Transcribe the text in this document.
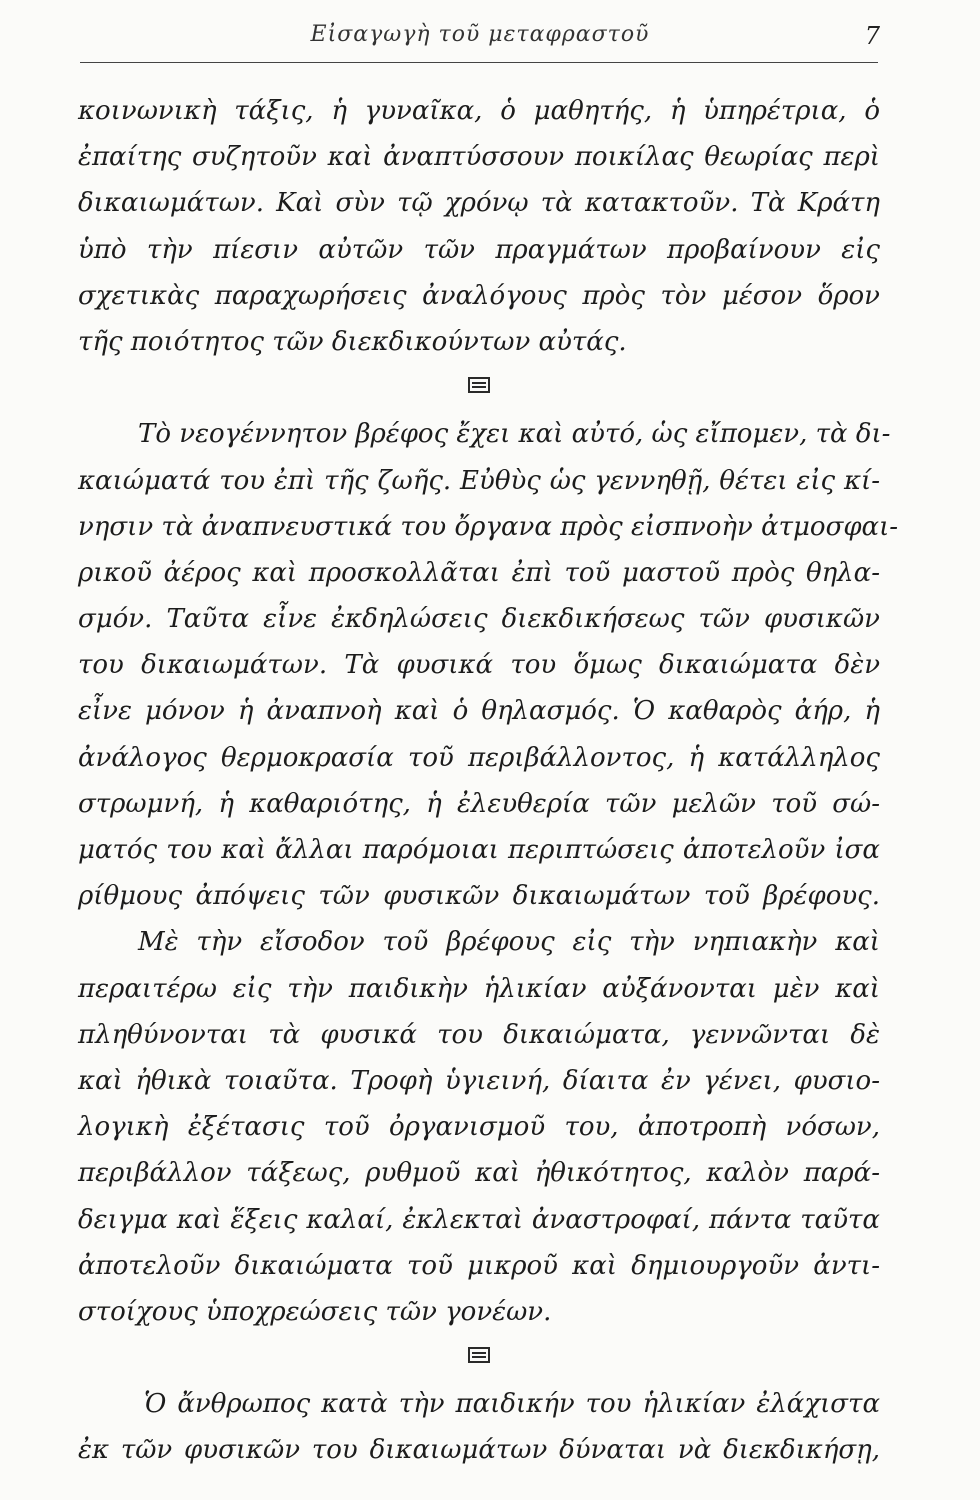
Εἰσαγωγὴ τοῦ μεταφραστοῦ	7
κοινωνικὴ τάξις, ἡ γυναῖκα, ὁ μαθητής, ἡ ὑπηρέτρια, ὁ
ἐπαίτης συζητοῦν καὶ ἀναπτύσσουν ποικίλας θεωρίας περὶ
δικαιωμάτων. Καὶ σὺν τῷ χρόνῳ τὰ κατακτοῦν. Τὰ Κράτη
ὑπὸ τὴν πίεσιν αὐτῶν τῶν πραγμάτων προβαίνουν εἰς
σχετικὰς παραχωρήσεις ἀναλόγους πρὸς τὸν μέσον ὅρον
τῆς ποιότητος τῶν διεκδικούντων αὐτάς.
Τὸ νεογέννητον βρέφος ἔχει καὶ αὐτό, ὡς εἴπομεν, τὰ δι-
καιώματά του ἐπὶ τῆς ζωῆς. Εὐθὺς ὡς γεννηθῇ, θέτει εἰς κί-
νησιν τὰ ἀναπνευστικά του ὄργανα πρὸς εἰσπνοὴν ἀτμοσφαι-
ρικοῦ ἀέρος καὶ προσκολλᾶται ἐπὶ τοῦ μαστοῦ πρὸς θηλα-
σμόν. Ταῦτα εἶνε ἐκδηλώσεις διεκδικήσεως τῶν φυσικῶν
του δικαιωμάτων. Τὰ φυσικά του ὅμως δικαιώματα δὲν
εἶνε μόνον ἡ ἀναπνοὴ καὶ ὁ θηλασμός. Ὁ καθαρὸς ἀήρ, ἡ
ἀνάλογος θερμοκρασία τοῦ περιβάλλοντος, ἡ κατάλληλος
στρωμνή, ἡ καθαριότης, ἡ ἐλευθερία τῶν μελῶν τοῦ σώ-
ματός του καὶ ἄλλαι παρόμοιαι περιπτώσεις ἀποτελοῦν ἰσα
ρίθμους ἀπόψεις τῶν φυσικῶν δικαιωμάτων τοῦ βρέφους.
Μὲ τὴν εἴσοδον τοῦ βρέφους εἰς τὴν νηπιακὴν καὶ
περαιτέρω εἰς τὴν παιδικὴν ἡλικίαν αὐξάνονται μὲν καὶ
πληθύνονται τὰ φυσικά του δικαιώματα, γεννῶνται δὲ
καὶ ἠθικὰ τοιαῦτα. Τροφὴ ὑγιεινή, δίαιτα ἐν γένει, φυσιο-
λογικὴ ἐξέτασις τοῦ ὀργανισμοῦ του, ἀποτροπὴ νόσων,
περιβάλλον τάξεως, ρυθμοῦ καὶ ἠθικότητος, καλὸν παρά-
δειγμα καὶ ἕξεις καλαί, ἐκλεκταὶ ἀναστροφαί, πάντα ταῦτα
ἀποτελοῦν δικαιώματα τοῦ μικροῦ καὶ δημιουργοῦν ἀντι-
στοίχους ὑποχρεώσεις τῶν γονέων.
Ὁ ἄνθρωπος κατὰ τὴν παιδικήν του ἡλικίαν ἐλάχιστα
ἐκ τῶν φυσικῶν του δικαιωμάτων δύναται νὰ διεκδικήσῃ,
